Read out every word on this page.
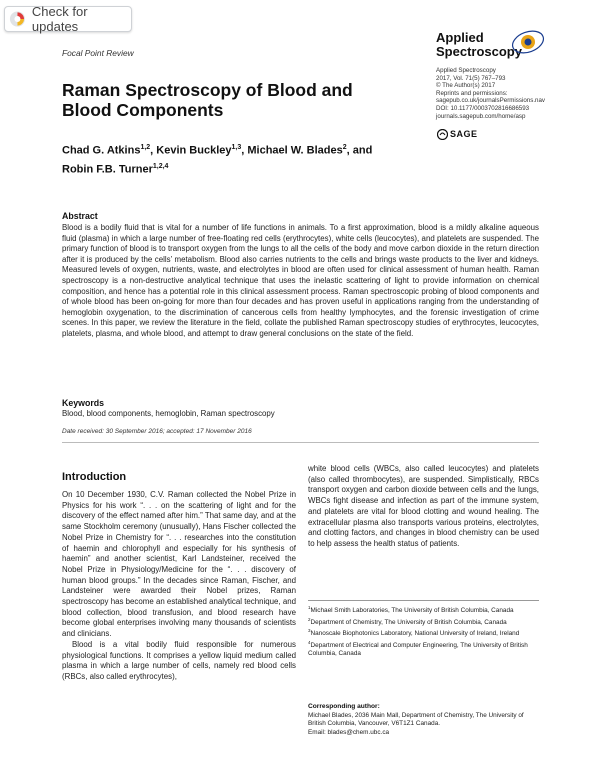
Check for updates
Focal Point Review
Applied
Spectroscopy
Applied Spectroscopy
2017, Vol. 71(5) 767–793
© The Author(s) 2017
Reprints and permissions:
sagepub.co.uk/journalsPermissions.nav
DOI: 10.1177/0003702816686593
journals.sagepub.com/home/asp
SAGE
Raman Spectroscopy of Blood and Blood Components
Chad G. Atkins$^{1,2}$, Kevin Buckley$^{1,3}$, Michael W. Blades$^2$, and
Robin F.B. Turner$^{1,2,4}$
Abstract
Blood is a bodily fluid that is vital for a number of life functions in animals. To a first approximation, blood is a mildly alkaline aqueous fluid (plasma) in which a large number of free-floating red cells (erythrocytes), white cells (leucocytes), and platelets are suspended. The primary function of blood is to transport oxygen from the lungs to all the cells of the body and move carbon dioxide in the return direction after it is produced by the cells’ metabolism. Blood also carries nutrients to the cells and brings waste products to the liver and kidneys. Measured levels of oxygen, nutrients, waste, and electrolytes in blood are often used for clinical assessment of human health. Raman spectroscopy is a non-destructive analytical technique that uses the inelastic scattering of light to provide information on chemical composition, and hence has a potential role in this clinical assessment process. Raman spectroscopic probing of blood components and of whole blood has been on-going for more than four decades and has proven useful in applications ranging from the understanding of hemoglobin oxygenation, to the discrimination of cancerous cells from healthy lymphocytes, and the forensic investigation of crime scenes. In this paper, we review the literature in the field, collate the published Raman spectroscopy studies of erythrocytes, leucocytes, platelets, plasma, and whole blood, and attempt to draw general conclusions on the state of the field.
Keywords
Blood, blood components, hemoglobin, Raman spectroscopy
Date received: 30 September 2016; accepted: 17 November 2016
Introduction

On 10 December 1930, C.V. Raman collected the Nobel Prize in Physics for his work “. . . on the scattering of light and for the discovery of the effect named after him.” That same day, and at the same Stockholm ceremony (unusually), Hans Fischer collected the Nobel Prize in Chemistry for “. . . researches into the constitution of haemin and chlorophyll and especially for his synthesis of haemin” and another scientist, Karl Landsteiner, received the Nobel Prize in Physiology/Medicine for the “. . . discovery of human blood groups.” In the decades since Raman, Fischer, and Landsteiner were awarded their Nobel prizes, Raman spectroscopy has become an established analytical technique, and blood collection, blood transfusion, and blood research have become global enterprises involving many thousands of scientists and clinicians.

Blood is a vital bodily fluid responsible for numerous physiological functions. It comprises a yellow liquid medium called plasma in which a large number of cells, namely red blood cells (RBCs, also called erythrocytes),

white blood cells (WBCs, also called leucocytes) and platelets (also called thrombocytes), are suspended. Simplistically, RBCs transport oxygen and carbon dioxide between cells and the lungs, WBCs fight disease and infection as part of the immune system, and platelets are vital for blood clotting and wound healing. The extracellular plasma also transports various proteins, electrolytes, and clotting factors, and changes in blood chemistry can be used to help assess the health status of patients.

$^1$Michael Smith Laboratories, The University of British Columbia, Canada
$^2$Department of Chemistry, The University of British Columbia, Canada
$^3$Nanoscale Biophotonics Laboratory, National University of Ireland, Ireland
$^4$Department of Electrical and Computer Engineering, The University of British Columbia, Canada
Corresponding author:
Michael Blades, 2036 Main Mall, Department of Chemistry, The University of British Columbia, Vancouver, V6T1Z1 Canada.
Email: blades@chem.ubc.ca
